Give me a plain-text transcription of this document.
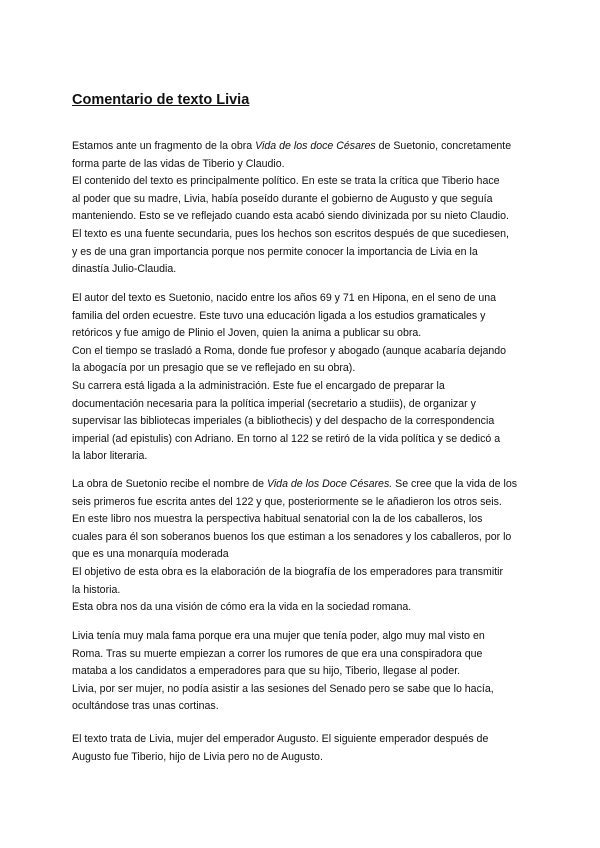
Comentario de texto Livia
Estamos ante un fragmento de la obra Vida de los doce Césares de Suetonio, concretamente
forma parte de las vidas de Tiberio y Claudio.
El contenido del texto es principalmente político. En este se trata la crítica que Tiberio hace
al poder que su madre, Livia, había poseído durante el gobierno de Augusto y que seguía
manteniendo. Esto se ve reflejado cuando esta acabó siendo divinizada por su nieto Claudio.
El texto es una fuente secundaria, pues los hechos son escritos después de que sucediesen,
y es de una gran importancia porque nos permite conocer la importancia de Livia en la
dinastía Julio-Claudia.
El autor del texto es Suetonio, nacido entre los años 69 y 71 en Hipona, en el seno de una
familia del orden ecuestre. Este tuvo una educación ligada a los estudios gramaticales y
retóricos y fue amigo de Plinio el Joven, quien la anima a publicar su obra.
Con el tiempo se trasladó a Roma, donde fue profesor y abogado (aunque acabaría dejando
la abogacía por un presagio que se ve reflejado en su obra).
Su carrera está ligada a la administración. Este fue el encargado de preparar la
documentación necesaria para la política imperial (secretario a studiis), de organizar y
supervisar las bibliotecas imperiales (a bibliothecis) y del despacho de la correspondencia
imperial (ad epistulis) con Adriano. En torno al 122 se retiró de la vida política y se dedicó a
la labor literaria.
La obra de Suetonio recibe el nombre de Vida de los Doce Césares. Se cree que la vida de los
seis primeros fue escrita antes del 122 y que, posteriormente se le añadieron los otros seis.
En este libro nos muestra la perspectiva habitual senatorial con la de los caballeros, los
cuales para él son soberanos buenos los que estiman a los senadores y los caballeros, por lo
que es una monarquía moderada
El objetivo de esta obra es la elaboración de la biografía de los emperadores para transmitir
la historia.
Esta obra nos da una visión de cómo era la vida en la sociedad romana.
Livia tenía muy mala fama porque era una mujer que tenía poder, algo muy mal visto en
Roma. Tras su muerte empiezan a correr los rumores de que era una conspiradora que
mataba a los candidatos a emperadores para que su hijo, Tiberio, llegase al poder.
Livia, por ser mujer, no podía asistir a las sesiones del Senado pero se sabe que lo hacía,
ocultándose tras unas cortinas.
El texto trata de Livia, mujer del emperador Augusto. El siguiente emperador después de
Augusto fue Tiberio, hijo de Livia pero no de Augusto.
